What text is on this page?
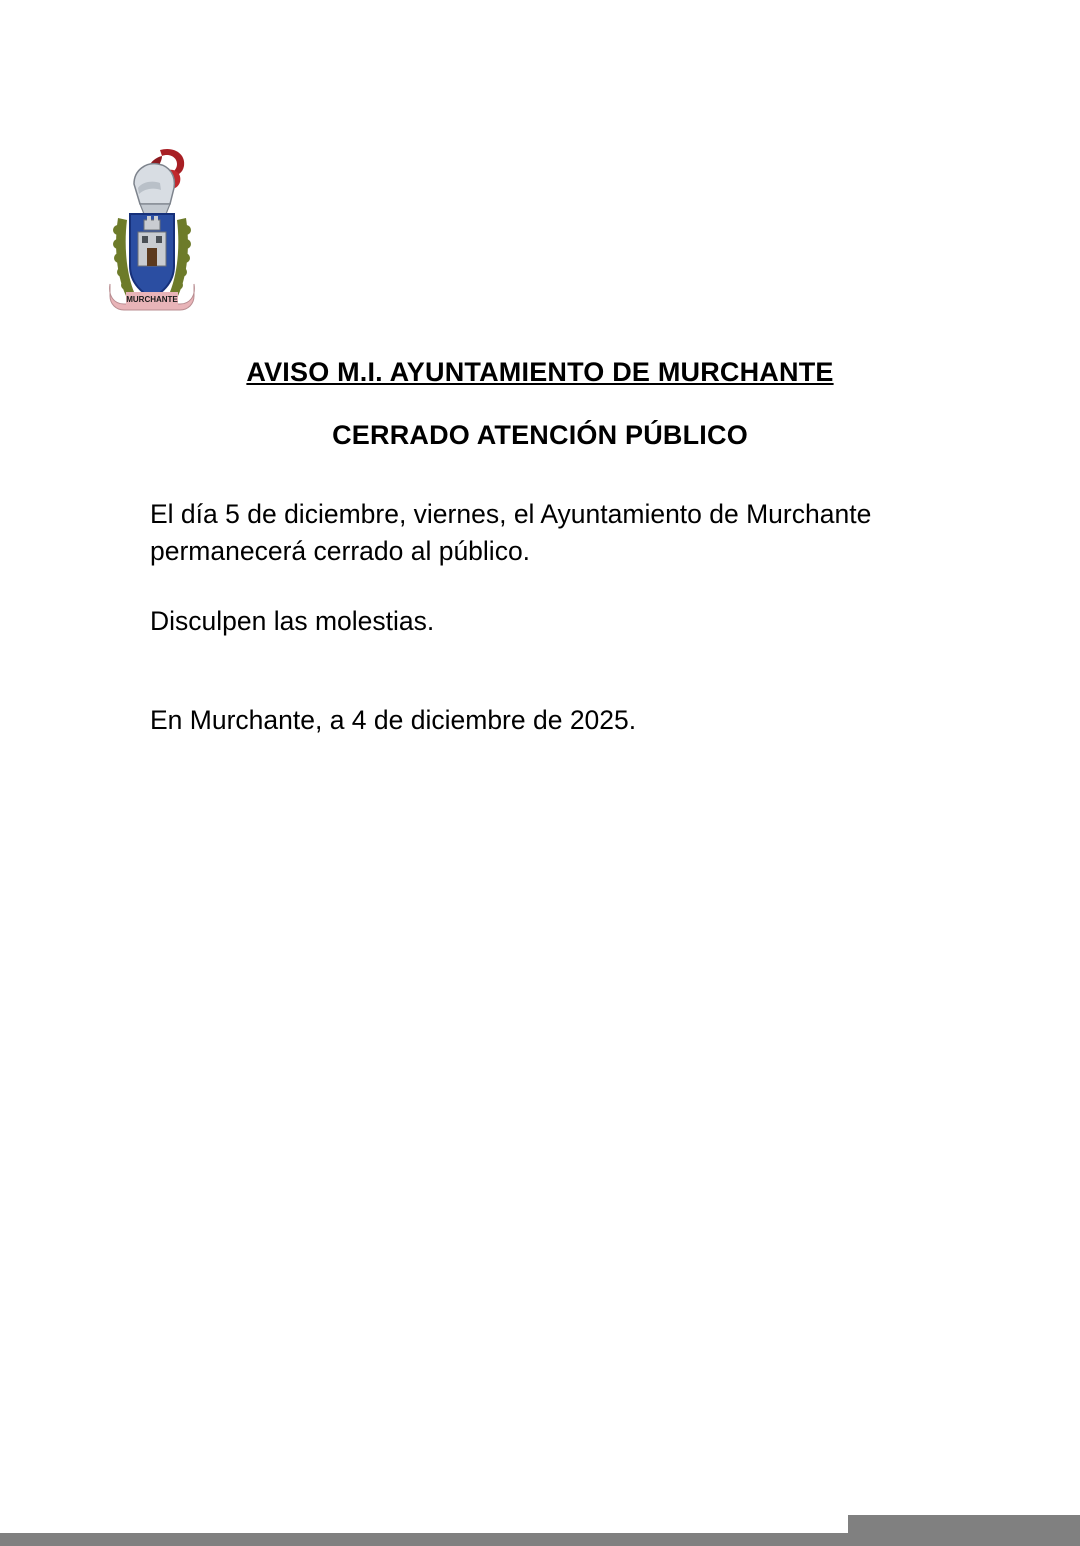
MURCHANTE
AVISO M.I. AYUNTAMIENTO DE MURCHANTE
CERRADO ATENCIÓN PÚBLICO

El día 5 de diciembre, viernes, el Ayuntamiento de Murchante permanecerá cerrado al público.

Disculpen las molestias.

En Murchante, a 4 de diciembre de 2025.
